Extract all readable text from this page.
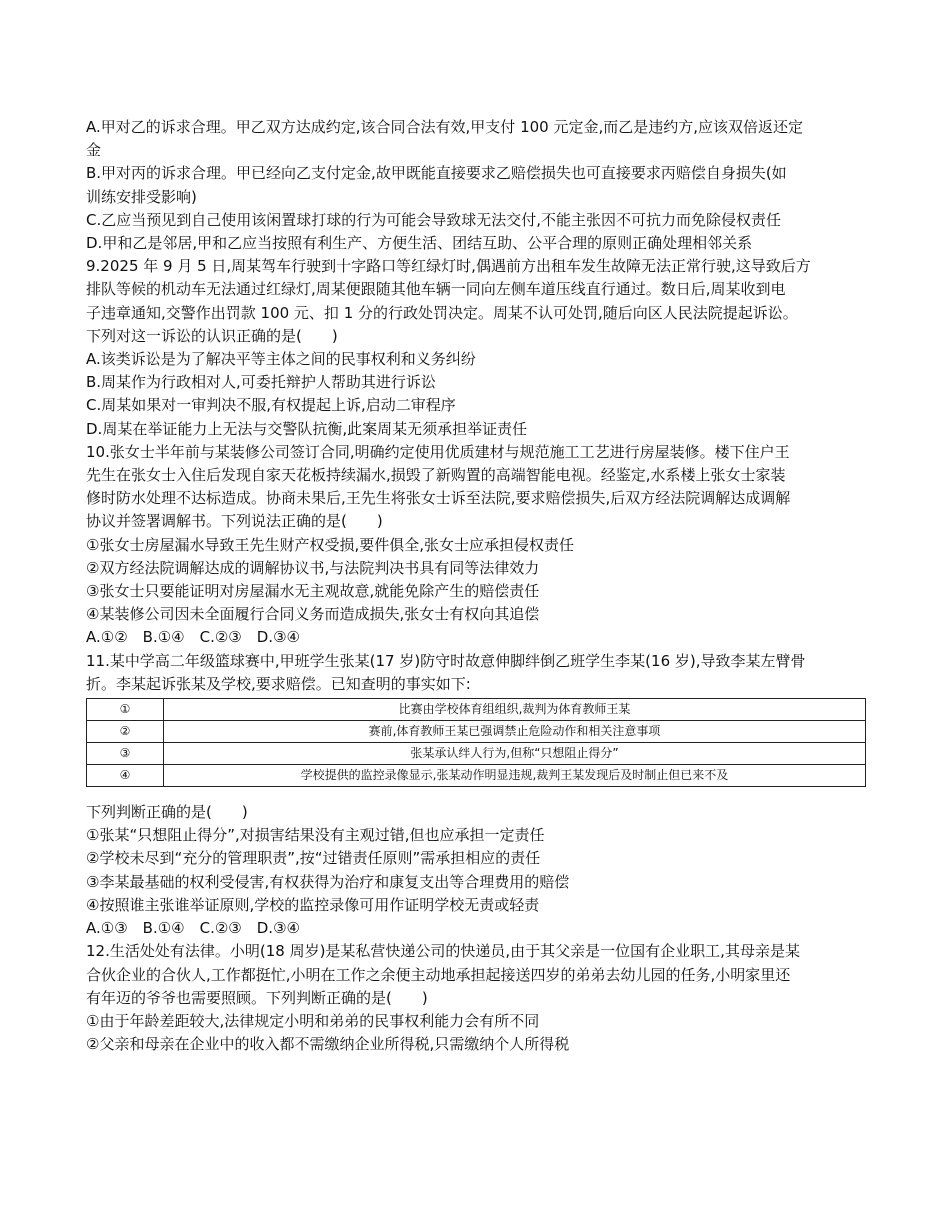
A.甲对乙的诉求合理。甲乙双方达成约定,该合同合法有效,甲支付 100 元定金,而乙是违约方,应该双倍返还定
金
B.甲对丙的诉求合理。甲已经向乙支付定金,故甲既能直接要求乙赔偿损失也可直接要求丙赔偿自身损失(如
训练安排受影响)
C.乙应当预见到自己使用该闲置球打球的行为可能会导致球无法交付,不能主张因不可抗力而免除侵权责任
D.甲和乙是邻居,甲和乙应当按照有利生产、方便生活、团结互助、公平合理的原则正确处理相邻关系
9.2025 年 9 月 5 日,周某驾车行驶到十字路口等红绿灯时,偶遇前方出租车发生故障无法正常行驶,这导致后方
排队等候的机动车无法通过红绿灯,周某便跟随其他车辆一同向左侧车道压线直行通过。数日后,周某收到电
子违章通知,交警作出罚款 100 元、扣 1 分的行政处罚决定。周某不认可处罚,随后向区人民法院提起诉讼。
下列对这一诉讼的认识正确的是(　　)
A.该类诉讼是为了解决平等主体之间的民事权利和义务纠纷
B.周某作为行政相对人,可委托辩护人帮助其进行诉讼
C.周某如果对一审判决不服,有权提起上诉,启动二审程序
D.周某在举证能力上无法与交警队抗衡,此案周某无须承担举证责任
10.张女士半年前与某装修公司签订合同,明确约定使用优质建材与规范施工工艺进行房屋装修。楼下住户王
先生在张女士入住后发现自家天花板持续漏水,损毁了新购置的高端智能电视。经鉴定,水系楼上张女士家装
修时防水处理不达标造成。协商未果后,王先生将张女士诉至法院,要求赔偿损失,后双方经法院调解达成调解
协议并签署调解书。下列说法正确的是(　　)
①张女士房屋漏水导致王先生财产权受损,要件俱全,张女士应承担侵权责任
②双方经法院调解达成的调解协议书,与法院判决书具有同等法律效力
③张女士只要能证明对房屋漏水无主观故意,就能免除产生的赔偿责任
④某装修公司因未全面履行合同义务而造成损失,张女士有权向其追偿
A.①②　B.①④　C.②③　D.③④
11.某中学高二年级篮球赛中,甲班学生张某(17 岁)防守时故意伸脚绊倒乙班学生李某(16 岁),导致李某左臂骨
折。李某起诉张某及学校,要求赔偿。已知查明的事实如下:
①	比赛由学校体育组组织,裁判为体育教师王某
②	赛前,体育教师王某已强调禁止危险动作和相关注意事项
③	张某承认绊人行为,但称“只想阻止得分”
④	学校提供的监控录像显示,张某动作明显违规,裁判王某发现后及时制止但已来不及
下列判断正确的是(　　)
①张某“只想阻止得分”,对损害结果没有主观过错,但也应承担一定责任
②学校未尽到“充分的管理职责”,按“过错责任原则”需承担相应的责任
③李某最基础的权利受侵害,有权获得为治疗和康复支出等合理费用的赔偿
④按照谁主张谁举证原则,学校的监控录像可用作证明学校无责或轻责
A.①③　B.①④　C.②③　D.③④
12.生活处处有法律。小明(18 周岁)是某私营快递公司的快递员,由于其父亲是一位国有企业职工,其母亲是某
合伙企业的合伙人,工作都挺忙,小明在工作之余便主动地承担起接送四岁的弟弟去幼儿园的任务,小明家里还
有年迈的爷爷也需要照顾。下列判断正确的是(　　)
①由于年龄差距较大,法律规定小明和弟弟的民事权利能力会有所不同
②父亲和母亲在企业中的收入都不需缴纳企业所得税,只需缴纳个人所得税
